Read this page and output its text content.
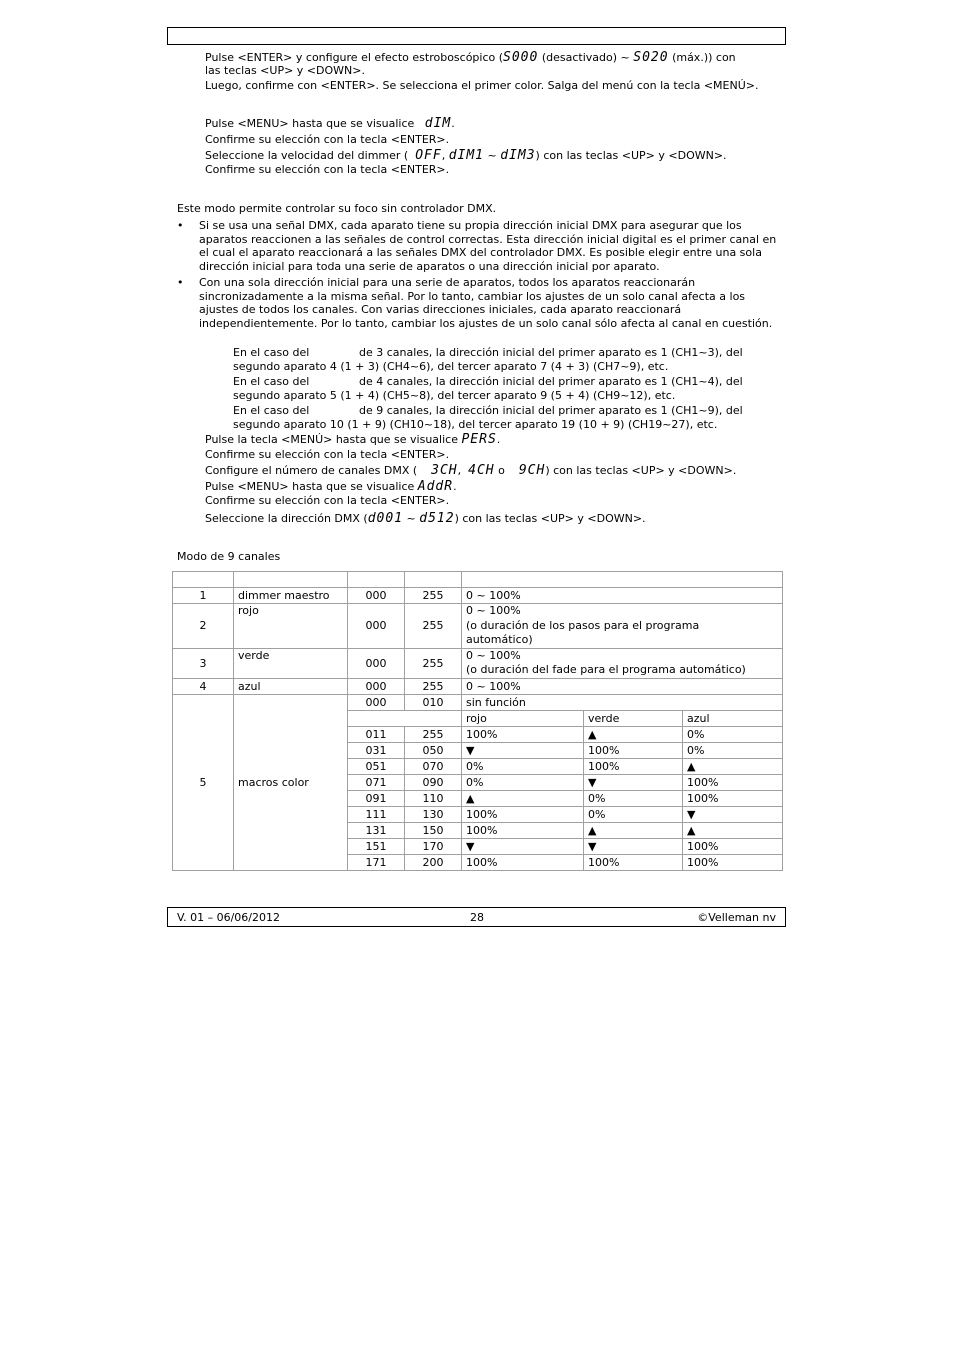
Pulse <ENTER> y configure el efecto estroboscópico (S000 (desactivado) ~ S020 (máx.)) con
las teclas <UP> y <DOWN>.
Luego, confirme con <ENTER>. Se selecciona el primer color. Salga del menú con la tecla <MENÚ>.
Pulse <MENU> hasta que se visualice dIM.
Confirme su elección con la tecla <ENTER>.
Seleccione la velocidad del dimmer ( OFF, dIM1 ~ dIM3) con las teclas <UP> y <DOWN>.
Confirme su elección con la tecla <ENTER>.
Este modo permite controlar su foco sin controlador DMX.
• Si se usa una señal DMX, cada aparato tiene su propia dirección inicial DMX para asegurar que los aparatos reaccionen a las señales de control correctas. Esta dirección inicial digital es el primer canal en el cual el aparato reaccionará a las señales DMX del controlador DMX. Es posible elegir entre una sola dirección inicial para toda una serie de aparatos o una dirección inicial por aparato.
• Con una sola dirección inicial para una serie de aparatos, todos los aparatos reaccionarán sincronizadamente a la misma señal. Por lo tanto, cambiar los ajustes de un solo canal afecta a los ajustes de todos los canales. Con varias direcciones iniciales, cada aparato reaccionará independientemente. Por lo tanto, cambiar los ajustes de un solo canal sólo afecta al canal en cuestión.
En el caso del	de 3 canales, la dirección inicial del primer aparato es 1 (CH1~3), del
segundo aparato 4 (1 + 3) (CH4~6), del tercer aparato 7 (4 + 3) (CH7~9), etc.
En el caso del	de 4 canales, la dirección inicial del primer aparato es 1 (CH1~4), del
segundo aparato 5 (1 + 4) (CH5~8), del tercer aparato 9 (5 + 4) (CH9~12), etc.
En el caso del	de 9 canales, la dirección inicial del primer aparato es 1 (CH1~9), del
segundo aparato 10 (1 + 9) (CH10~18), del tercer aparato 19 (10 + 9) (CH19~27), etc.
Pulse la tecla <MENÚ> hasta que se visualice PERS.
Confirme su elección con la tecla <ENTER>.
Configure el número de canales DMX ( 3CH, 4CH o 9CH) con las teclas <UP> y <DOWN>.
Pulse <MENU> hasta que se visualice AddR.
Confirme su elección con la tecla <ENTER>.
Seleccione la dirección DMX (d001 ~ d512) con las teclas <UP> y <DOWN>.
Modo de 9 canales

1	dimmer maestro	000	255	0 ~ 100%		
2	rojo	000	255	0 ~ 100%
(o duración de los pasos para el programa
automático)		

3	verde	000	255	0 ~ 100%
(o duración del fade para el programa automático)		

4	azul	000	255	0 ~ 100%		
5	macros color	000	010	sin función		
				rojo	verde	azul
		011	255	100%	▲	0%
		031	050	▼	100%	0%
		051	070	0%	100%	▲
		071	090	0%	▼	100%
		091	110	▲	0%	100%
		111	130	100%	0%	▼
		131	150	100%	▲	▲
		151	170	▼	▼	100%
		171	200	100%	100%	100%
V. 01 – 06/06/2012	28	©Velleman nv
